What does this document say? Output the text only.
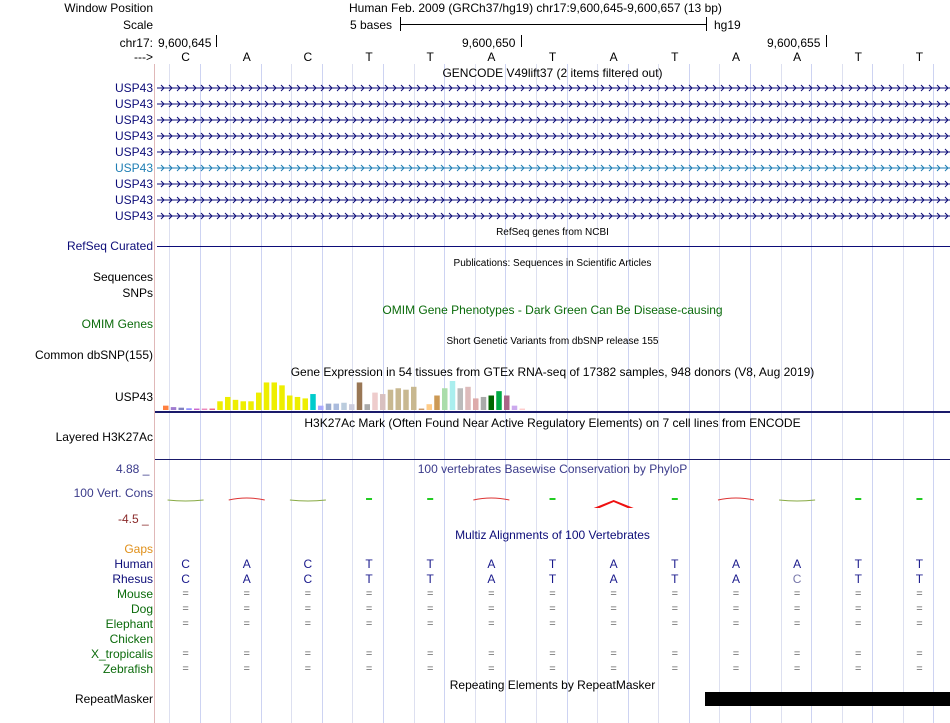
Window Position	Human Feb. 2009 (GRCh37/hg19) chr17:9,600,645-9,600,657 (13 bp)
Scale	5 bases	hg19
chr17: 9,600,645	9,600,650	9,600,655
--->	C	A	C	T	T	A	T	A	T	A	A	T	T
GENCODE V49lift37 (2 items filtered out)
USP43
USP43
USP43
USP43
USP43
USP43
USP43
USP43
USP43
RefSeq genes from NCBI
RefSeq Curated
Publications: Sequences in Scientific Articles
Sequences
SNPs
OMIM Gene Phenotypes - Dark Green Can Be Disease-causing
OMIM Genes
Short Genetic Variants from dbSNP release 155
Common dbSNP(155)
Gene Expression in 54 tissues from GTEx RNA-seq of 17382 samples, 948 donors (V8, Aug 2019)
USP43
H3K27Ac Mark (Often Found Near Active Regulatory Elements) on 7 cell lines from ENCODE
Layered H3K27Ac
100 vertebrates Basewise Conservation by PhyloP
4.88 _
100 Vert. Cons
-4.5 _
Multiz Alignments of 100 Vertebrates
Gaps
Human	C	A	C	T	T	A	T	A	T	A	A	T	T
Rhesus	C	A	C	T	T	A	T	A	T	A	C	T	T
Mouse	=	=	=	=	=	=	=	=	=	=	=	=	=
Dog	=	=	=	=	=	=	=	=	=	=	=	=	=
Elephant	=	=	=	=	=	=	=	=	=	=	=	=	=
Chicken
X_tropicalis	=	=	=	=	=	=	=	=	=	=	=	=	=
Zebrafish	=	=	=	=	=	=	=	=	=	=	=	=	=
Repeating Elements by RepeatMasker
RepeatMasker
